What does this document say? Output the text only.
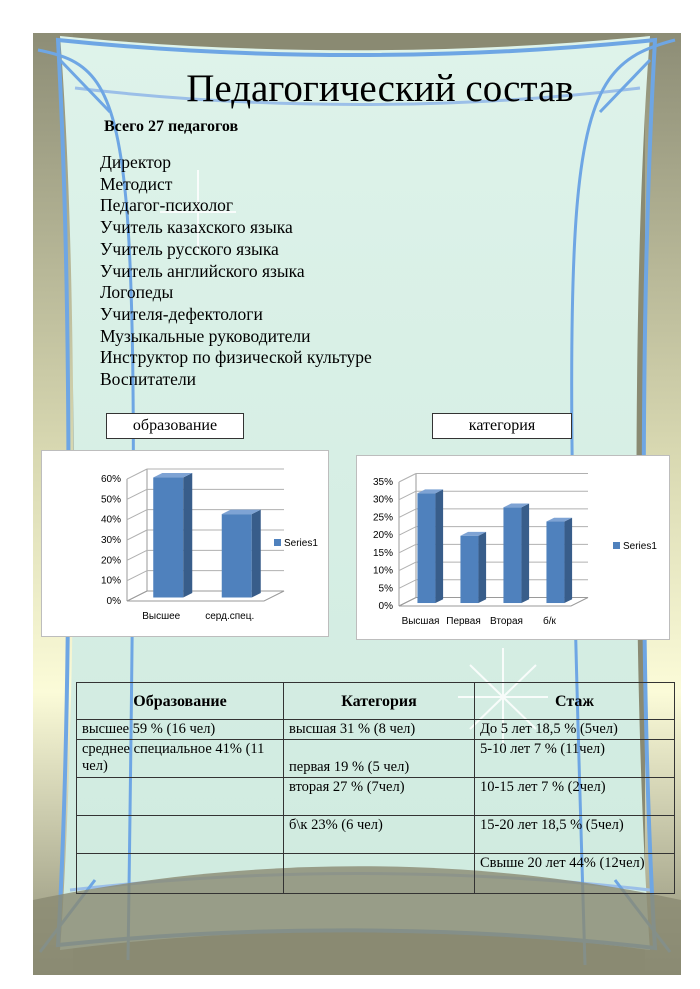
Педагогический состав
Всего 27 педагогов
Директор
Методист
Педагог-психолог
Учитель казахского языка
Учитель русского языка
Учитель английского языка
Логопеды
Учителя-дефектологи
Музыкальные руководители
Инструктор по физической культуре
Воспитатели
образование	категория
0%
10%
20%
30%
40%
50%
60%
Высшее серд.спец.
Series1
0%
5%
10%
15%
20%
25%
30%
35%
Высшая Первая Вторая б/к
Series1
Образование	Категория	Стаж
высшее 59 % (16 чел)	высшая 31 % (8 чел)	До 5 лет 18,5 % (5чел)
среднее специальное 41% (11 чел)	первая 19 % (5 чел)	5-10 лет 7 % (11чел)
	вторая 27 % (7чел)	10-15 лет 7 % (2чел)
	б\к 23% (6 чел)	15-20 лет 18,5 % (5чел)
		Свыше 20 лет 44% (12чел)
